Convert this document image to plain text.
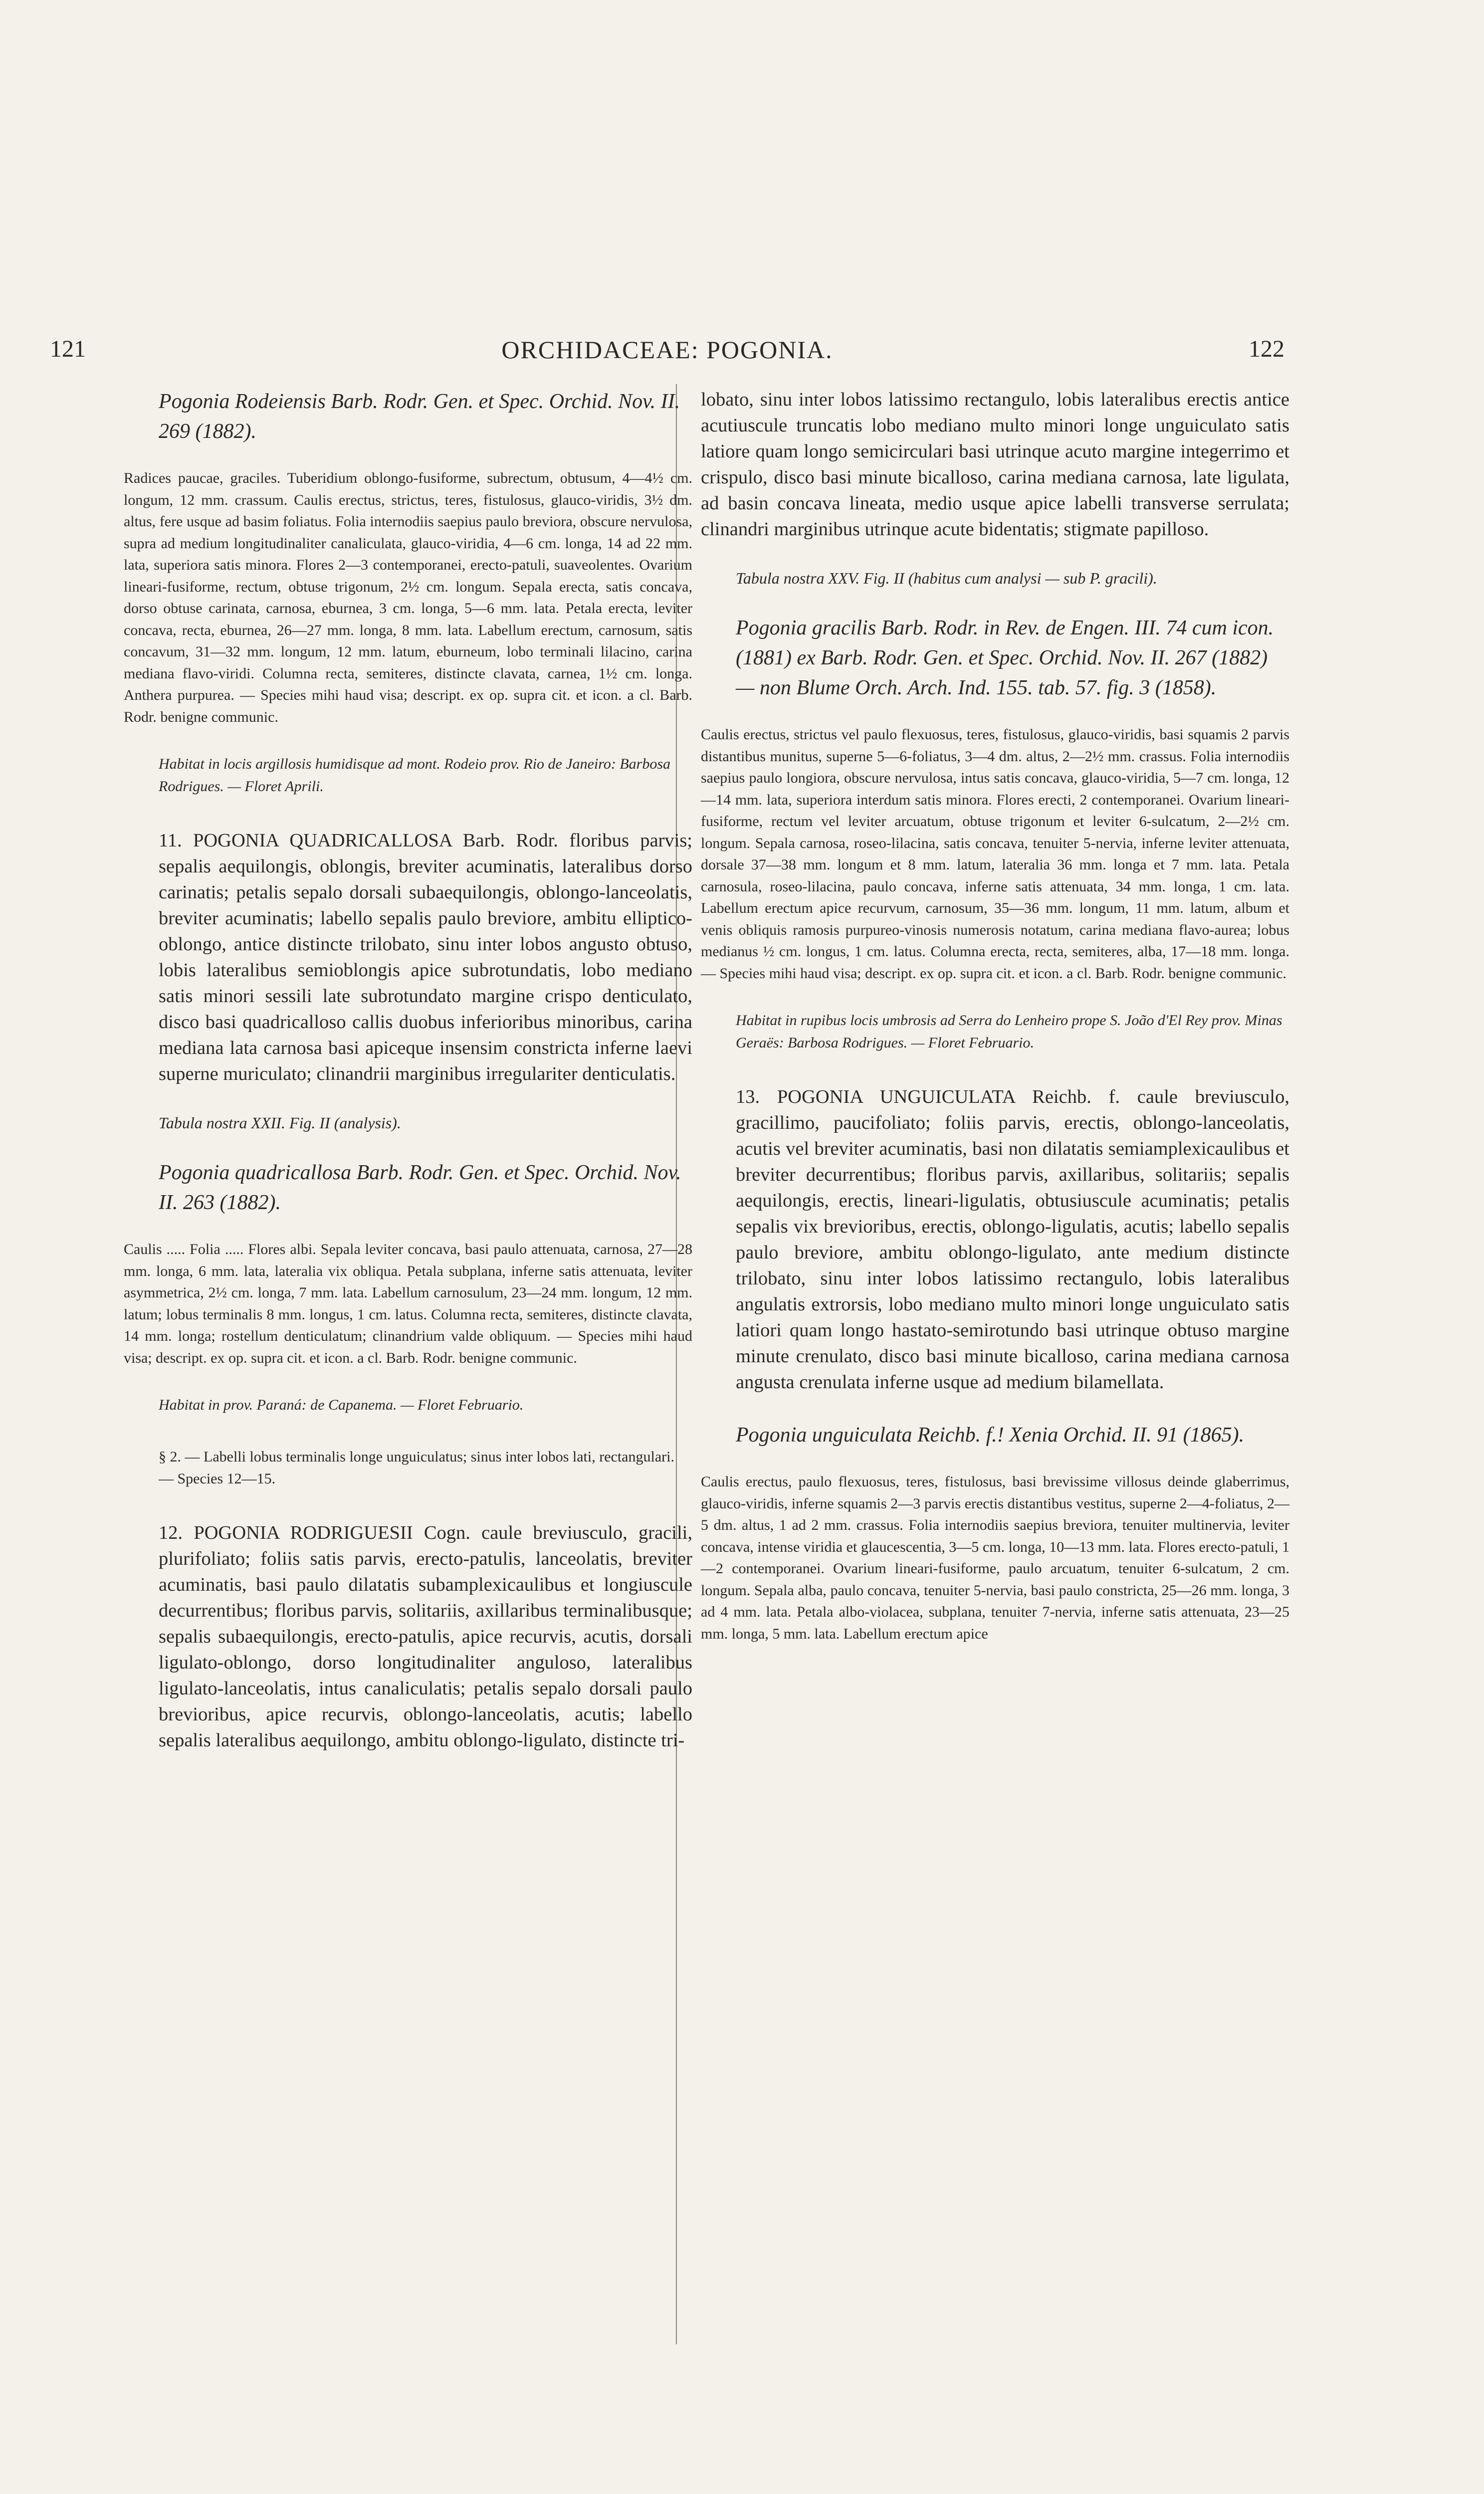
121	ORCHIDACEAE: POGONIA.	122

Pogonia Rodeiensis Barb. Rodr. Gen. et Spec. Orchid. Nov. II. 269 (1882).

Radices paucae, graciles. Tuberidium oblongo-fusiforme, subrectum, obtusum, 4—4½ cm. longum, 12 mm. crassum. Caulis erectus, strictus, teres, fistulosus, glauco-viridis, 3½ dm. altus, fere usque ad basim foliatus. Folia internodiis saepius paulo breviora, obscure nervulosa, supra ad medium longitudinaliter canaliculata, glauco-viridia, 4—6 cm. longa, 14 ad 22 mm. lata, superiora satis minora. Flores 2—3 contemporanei, erecto-patuli, suaveolentes. Ovarium lineari-fusiforme, rectum, obtuse trigonum, 2½ cm. longum. Sepala erecta, satis concava, dorso obtuse carinata, carnosa, eburnea, 3 cm. longa, 5—6 mm. lata. Petala erecta, leviter concava, recta, eburnea, 26—27 mm. longa, 8 mm. lata. Labellum erectum, carnosum, satis concavum, 31—32 mm. longum, 12 mm. latum, eburneum, lobo terminali lilacino, carina mediana flavo-viridi. Columna recta, semiteres, distincte clavata, carnea, 1½ cm. longa. Anthera purpurea. — Species mihi haud visa; descript. ex op. supra cit. et icon. a cl. Barb. Rodr. benigne communic.

Habitat in locis argillosis humidisque ad mont. Rodeio prov. Rio de Janeiro: Barbosa Rodrigues. — Floret Aprili.

11. POGONIA QUADRICALLOSA Barb. Rodr. floribus parvis; sepalis aequilongis, oblongis, breviter acuminatis, lateralibus dorso carinatis; petalis sepalo dorsali subaequilongis, oblongo-lanceolatis, breviter acuminatis; labello sepalis paulo breviore, ambitu elliptico-oblongo, antice distincte trilobato, sinu inter lobos angusto obtuso, lobis lateralibus semioblongis apice subrotundatis, lobo mediano satis minori sessili late subrotundato margine crispo denticulato, disco basi quadricalloso callis duobus inferioribus minoribus, carina mediana lata carnosa basi apiceque insensim constricta inferne laevi superne muriculato; clinandrii marginibus irregulariter denticulatis.

Tabula nostra XXII. Fig. II (analysis).

Pogonia quadricallosa Barb. Rodr. Gen. et Spec. Orchid. Nov. II. 263 (1882).

Caulis ..... Folia ..... Flores albi. Sepala leviter concava, basi paulo attenuata, carnosa, 27—28 mm. longa, 6 mm. lata, lateralia vix obliqua. Petala subplana, inferne satis attenuata, leviter asymmetrica, 2½ cm. longa, 7 mm. lata. Labellum carnosulum, 23—24 mm. longum, 12 mm. latum; lobus terminalis 8 mm. longus, 1 cm. latus. Columna recta, semiteres, distincte clavata, 14 mm. longa; rostellum denticulatum; clinandrium valde obliquum. — Species mihi haud visa; descript. ex op. supra cit. et icon. a cl. Barb. Rodr. benigne communic.

Habitat in prov. Paraná: de Capanema. — Floret Februario.

§ 2. — Labelli lobus terminalis longe unguiculatus; sinus inter lobos lati, rectangulari. — Species 12—15.

12. POGONIA RODRIGUESII Cogn. caule breviusculo, gracili, plurifoliato; foliis satis parvis, erecto-patulis, lanceolatis, breviter acuminatis, basi paulo dilatatis subamplexicaulibus et longiuscule decurrentibus; floribus parvis, solitariis, axillaribus terminalibusque; sepalis subaequilongis, erecto-patulis, apice recurvis, acutis, dorsali ligulato-oblongo, dorso longitudinaliter anguloso, lateralibus ligulato-lanceolatis, intus canaliculatis; petalis sepalo dorsali paulo brevioribus, apice recurvis, oblongo-lanceolatis, acutis; labello sepalis lateralibus aequilongo, ambitu oblongo-ligulato, distincte tri-

lobato, sinu inter lobos latissimo rectangulo, lobis lateralibus erectis antice acutiuscule truncatis lobo mediano multo minori longe unguiculato satis latiore quam longo semicirculari basi utrinque acuto margine integerrimo et crispulo, disco basi minute bicalloso, carina mediana carnosa, late ligulata, ad basin concava lineata, medio usque apice labelli transverse serrulata; clinandri marginibus utrinque acute bidentatis; stigmate papilloso.

Tabula nostra XXV. Fig. II (habitus cum analysi — sub P. gracili).

Pogonia gracilis Barb. Rodr. in Rev. de Engen. III. 74 cum icon. (1881) ex Barb. Rodr. Gen. et Spec. Orchid. Nov. II. 267 (1882) — non Blume Orch. Arch. Ind. 155. tab. 57. fig. 3 (1858).

Caulis erectus, strictus vel paulo flexuosus, teres, fistulosus, glauco-viridis, basi squamis 2 parvis distantibus munitus, superne 5—6-foliatus, 3—4 dm. altus, 2—2½ mm. crassus. Folia internodiis saepius paulo longiora, obscure nervulosa, intus satis concava, glauco-viridia, 5—7 cm. longa, 12—14 mm. lata, superiora interdum satis minora. Flores erecti, 2 contemporanei. Ovarium lineari-fusiforme, rectum vel leviter arcuatum, obtuse trigonum et leviter 6-sulcatum, 2—2½ cm. longum. Sepala carnosa, roseo-lilacina, satis concava, tenuiter 5-nervia, inferne leviter attenuata, dorsale 37—38 mm. longum et 8 mm. latum, lateralia 36 mm. longa et 7 mm. lata. Petala carnosula, roseo-lilacina, paulo concava, inferne satis attenuata, 34 mm. longa, 1 cm. lata. Labellum erectum apice recurvum, carnosum, 35—36 mm. longum, 11 mm. latum, album et venis obliquis ramosis purpureo-vinosis numerosis notatum, carina mediana flavo-aurea; lobus medianus ½ cm. longus, 1 cm. latus. Columna erecta, recta, semiteres, alba, 17—18 mm. longa. — Species mihi haud visa; descript. ex op. supra cit. et icon. a cl. Barb. Rodr. benigne communic.

Habitat in rupibus locis umbrosis ad Serra do Lenheiro prope S. João d'El Rey prov. Minas Geraës: Barbosa Rodrigues. — Floret Februario.

13. POGONIA UNGUICULATA Reichb. f. caule breviusculo, gracillimo, paucifoliato; foliis parvis, erectis, oblongo-lanceolatis, acutis vel breviter acuminatis, basi non dilatatis semiamplexicaulibus et breviter decurrentibus; floribus parvis, axillaribus, solitariis; sepalis aequilongis, erectis, lineari-ligulatis, obtusiuscule acuminatis; petalis sepalis vix brevioribus, erectis, oblongo-ligulatis, acutis; labello sepalis paulo breviore, ambitu oblongo-ligulato, ante medium distincte trilobato, sinu inter lobos latissimo rectangulo, lobis lateralibus angulatis extrorsis, lobo mediano multo minori longe unguiculato satis latiori quam longo hastato-semirotundo basi utrinque obtuso margine minute crenulato, disco basi minute bicalloso, carina mediana carnosa angusta crenulata inferne usque ad medium bilamellata.

Pogonia unguiculata Reichb. f.! Xenia Orchid. II. 91 (1865).

Caulis erectus, paulo flexuosus, teres, fistulosus, basi brevissime villosus deinde glaberrimus, glauco-viridis, inferne squamis 2—3 parvis erectis distantibus vestitus, superne 2—4-foliatus, 2—5 dm. altus, 1 ad 2 mm. crassus. Folia internodiis saepius breviora, tenuiter multinervia, leviter concava, intense viridia et glaucescentia, 3—5 cm. longa, 10—13 mm. lata. Flores erecto-patuli, 1—2 contemporanei. Ovarium lineari-fusiforme, paulo arcuatum, tenuiter 6-sulcatum, 2 cm. longum. Sepala alba, paulo concava, tenuiter 5-nervia, basi paulo constricta, 25—26 mm. longa, 3 ad 4 mm. lata. Petala albo-violacea, subplana, tenuiter 7-nervia, inferne satis attenuata, 23—25 mm. longa, 5 mm. lata. Labellum erectum apice
